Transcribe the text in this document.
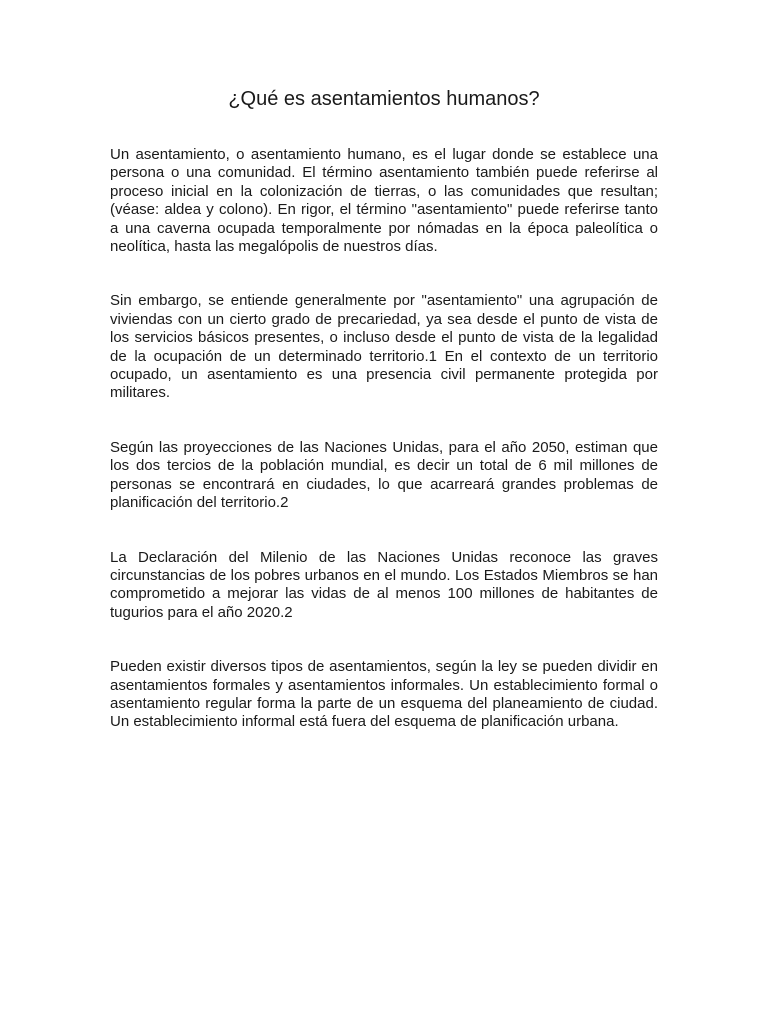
¿Qué es asentamientos humanos?

Un asentamiento, o asentamiento humano, es el lugar donde se establece una persona o una comunidad. El término asentamiento también puede referirse al proceso inicial en la colonización de tierras, o las comunidades que resultan; (véase: aldea y colono). En rigor, el término "asentamiento" puede referirse tanto a una caverna ocupada temporalmente por nómadas en la época paleolítica o neolítica, hasta las megalópolis de nuestros días.

Sin embargo, se entiende generalmente por "asentamiento" una agrupación de viviendas con un cierto grado de precariedad, ya sea desde el punto de vista de los servicios básicos presentes, o incluso desde el punto de vista de la legalidad de la ocupación de un determinado territorio.1 En el contexto de un territorio ocupado, un asentamiento es una presencia civil permanente protegida por militares.

Según las proyecciones de las Naciones Unidas, para el año 2050, estiman que los dos tercios de la población mundial, es decir un total de 6 mil millones de personas se encontrará en ciudades, lo que acarreará grandes problemas de planificación del territorio.2

La Declaración del Milenio de las Naciones Unidas reconoce las graves circunstancias de los pobres urbanos en el mundo. Los Estados Miembros se han comprometido a mejorar las vidas de al menos 100 millones de habitantes de tugurios para el año 2020.2

Pueden existir diversos tipos de asentamientos, según la ley se pueden dividir en asentamientos formales y asentamientos informales. Un establecimiento formal o asentamiento regular forma la parte de un esquema del planeamiento de ciudad. Un establecimiento informal está fuera del esquema de planificación urbana.
